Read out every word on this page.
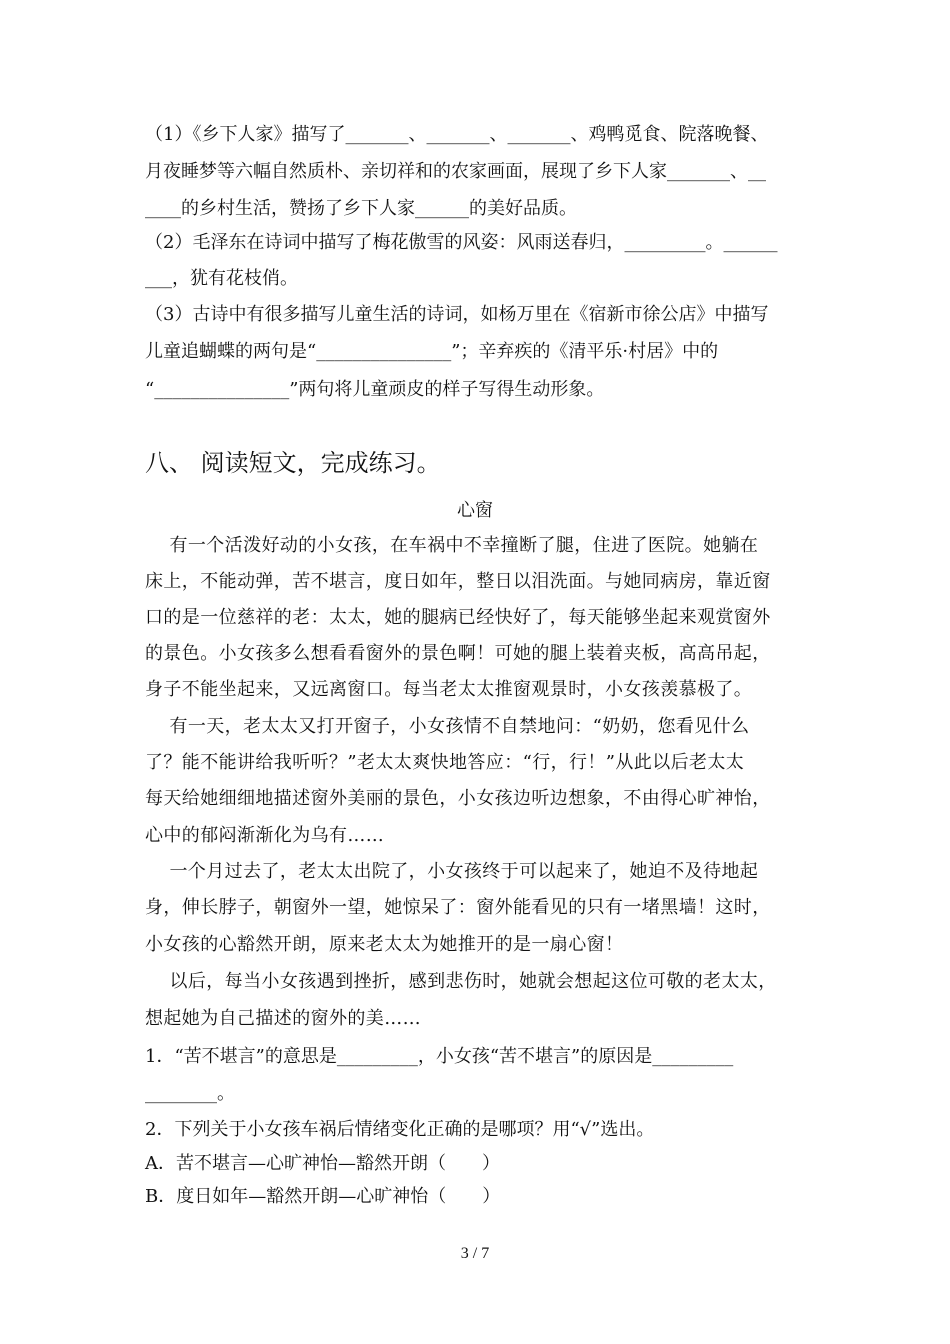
（1）《乡下人家》描写了_______、_______、_______、鸡鸭觅食、院落晚餐、
月夜睡梦等六幅自然质朴、亲切祥和的农家画面，展现了乡下人家_______、__
____的乡村生活，赞扬了乡下人家______的美好品质。
（2）毛泽东在诗词中描写了梅花傲雪的风姿：风雨送春归，_________。______
___，犹有花枝俏。
（3）古诗中有很多描写儿童生活的诗词，如杨万里在《宿新市徐公店》中描写
儿童追蝴蝶的两句是“_______________”；辛弃疾的《清平乐·村居》中的
“_______________”两句将儿童顽皮的样子写得生动形象。
八、 阅读短文，完成练习。
心窗
有一个活泼好动的小女孩，在车祸中不幸撞断了腿，住进了医院。她躺在
床上，不能动弹，苦不堪言，度日如年，整日以泪洗面。与她同病房，靠近窗
口的是一位慈祥的老：太太，她的腿病已经快好了，每天能够坐起来观赏窗外
的景色。小女孩多么想看看窗外的景色啊！可她的腿上装着夹板，高高吊起，
身子不能坐起来，又远离窗口。每当老太太推窗观景时，小女孩羡慕极了。
有一天，老太太又打开窗子，小女孩情不自禁地问：“奶奶，您看见什么
了？能不能讲给我听听？”老太太爽快地答应：“行，行！”从此以后老太太
每天给她细细地描述窗外美丽的景色，小女孩边听边想象，不由得心旷神怡，
心中的郁闷渐渐化为乌有……
一个月过去了，老太太出院了，小女孩终于可以起来了，她迫不及待地起
身，伸长脖子，朝窗外一望，她惊呆了：窗外能看见的只有一堵黑墙！这时，
小女孩的心豁然开朗，原来老太太为她推开的是一扇心窗！
以后，每当小女孩遇到挫折，感到悲伤时，她就会想起这位可敬的老太太，
想起她为自己描述的窗外的美……
1．“苦不堪言”的意思是_________，小女孩“苦不堪言”的原因是_________
________。
2．下列关于小女孩车祸后情绪变化正确的是哪项？用“√”选出。
A．苦不堪言—心旷神怡—豁然开朗（　　）
B．度日如年—豁然开朗—心旷神怡（　　）
3 / 7
